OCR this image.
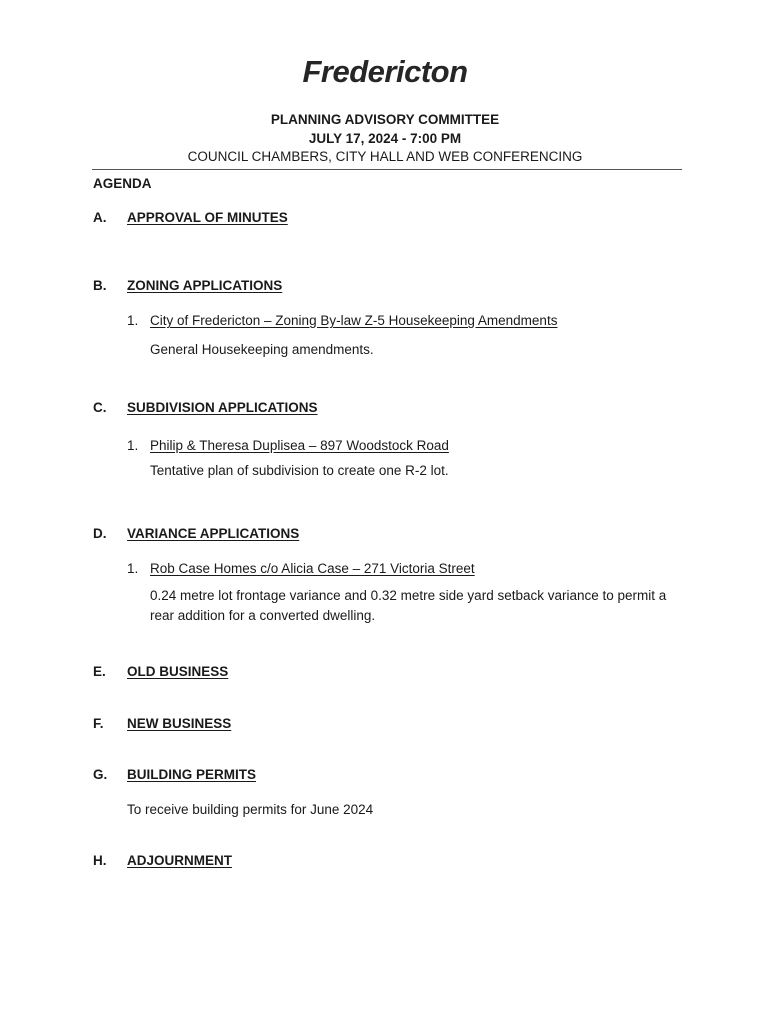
Fredericton
PLANNING ADVISORY COMMITTEE
JULY 17, 2024 - 7:00 PM
COUNCIL CHAMBERS, CITY HALL AND WEB CONFERENCING
AGENDA
A. APPROVAL OF MINUTES
B. ZONING APPLICATIONS
1. City of Fredericton – Zoning By-law Z-5 Housekeeping Amendments
General Housekeeping amendments.
C. SUBDIVISION APPLICATIONS
1. Philip & Theresa Duplisea – 897 Woodstock Road
Tentative plan of subdivision to create one R-2 lot.
D. VARIANCE APPLICATIONS
1. Rob Case Homes c/o Alicia Case – 271 Victoria Street
0.24 metre lot frontage variance and 0.32 metre side yard setback variance to permit a rear addition for a converted dwelling.
E. OLD BUSINESS
F. NEW BUSINESS
G. BUILDING PERMITS
To receive building permits for June 2024
H. ADJOURNMENT
